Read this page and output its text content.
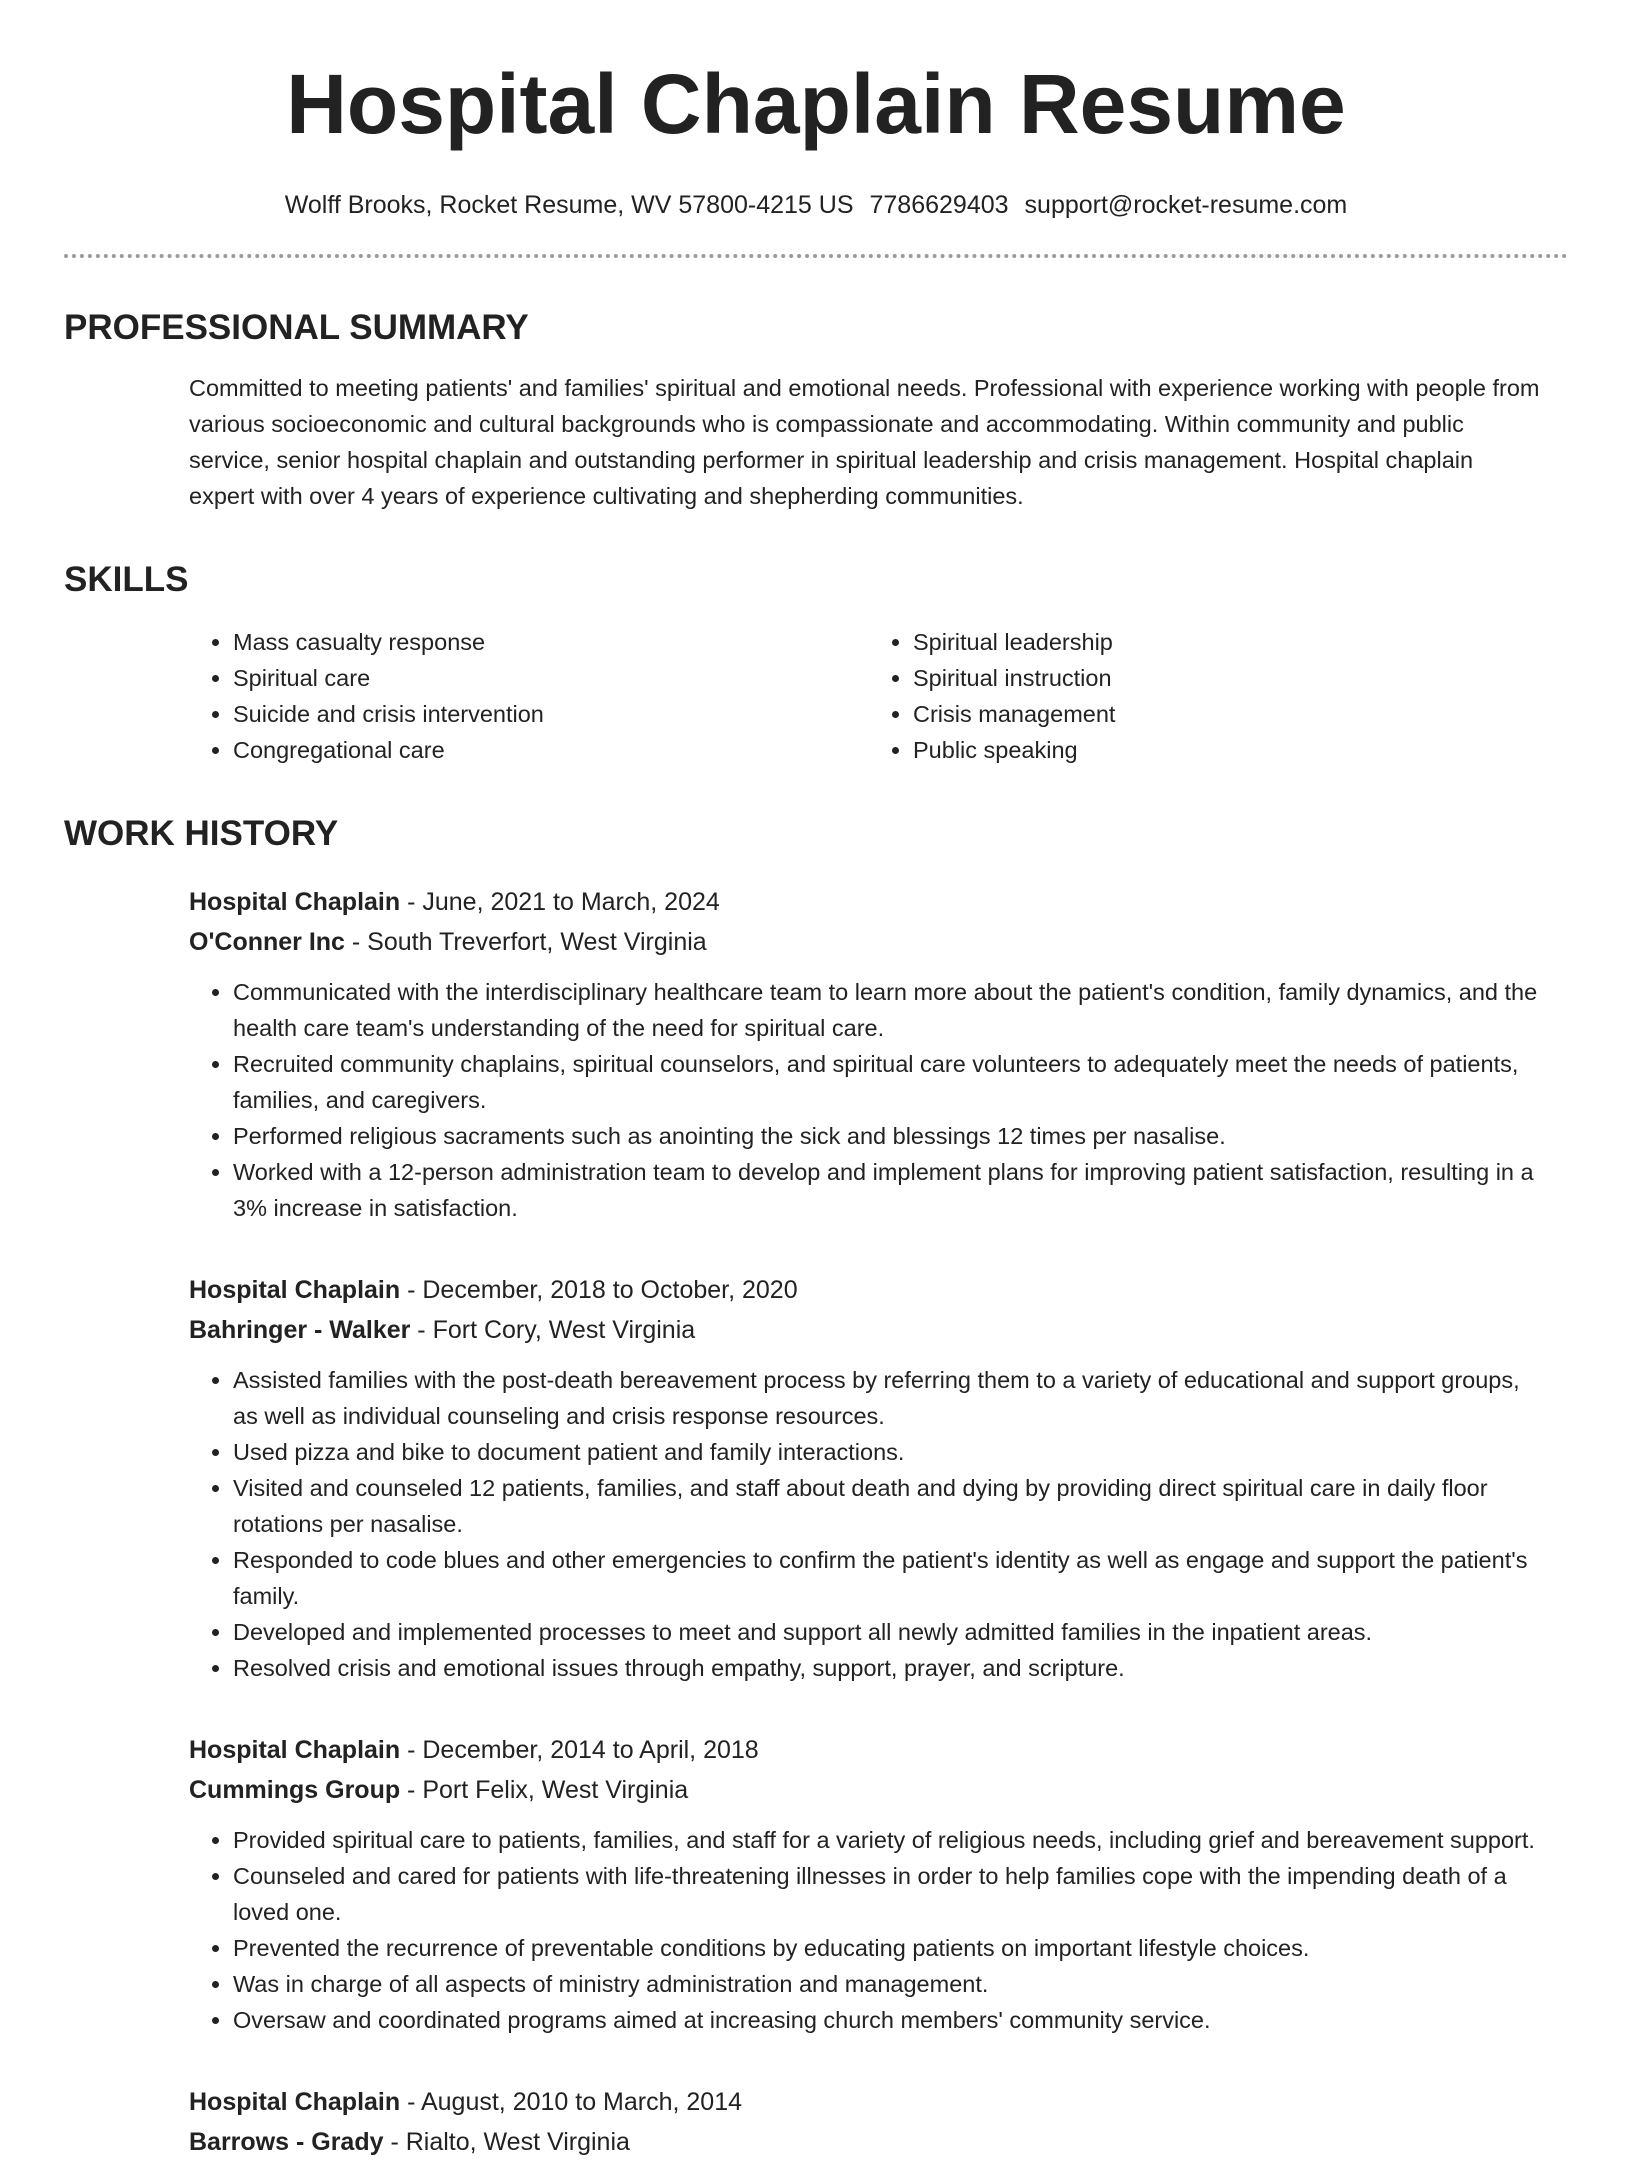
Hospital Chaplain Resume
Wolff Brooks, Rocket Resume, WV 57800-4215 US 7786629403 support@rocket-resume.com
PROFESSIONAL SUMMARY

Committed to meeting patients' and families' spiritual and emotional needs. Professional with experience working with people from various socioeconomic and cultural backgrounds who is compassionate and accommodating. Within community and public service, senior hospital chaplain and outstanding performer in spiritual leadership and crisis management. Hospital chaplain expert with over 4 years of experience cultivating and shepherding communities.

SKILLS
• Mass casualty response
• Spiritual care
• Suicide and crisis intervention
• Congregational care
• Spiritual leadership
• Spiritual instruction
• Crisis management
• Public speaking
WORK HISTORY
Hospital Chaplain - June, 2021 to March, 2024
O'Conner Inc - South Treverfort, West Virginia
• Communicated with the interdisciplinary healthcare team to learn more about the patient's condition, family dynamics, and the health care team's understanding of the need for spiritual care.
• Recruited community chaplains, spiritual counselors, and spiritual care volunteers to adequately meet the needs of patients, families, and caregivers.
• Performed religious sacraments such as anointing the sick and blessings 12 times per nasalise.
• Worked with a 12-person administration team to develop and implement plans for improving patient satisfaction, resulting in a 3% increase in satisfaction.
Hospital Chaplain - December, 2018 to October, 2020
Bahringer - Walker - Fort Cory, West Virginia
• Assisted families with the post-death bereavement process by referring them to a variety of educational and support groups, as well as individual counseling and crisis response resources.
• Used pizza and bike to document patient and family interactions.
• Visited and counseled 12 patients, families, and staff about death and dying by providing direct spiritual care in daily floor rotations per nasalise.
• Responded to code blues and other emergencies to confirm the patient's identity as well as engage and support the patient's family.
• Developed and implemented processes to meet and support all newly admitted families in the inpatient areas.
• Resolved crisis and emotional issues through empathy, support, prayer, and scripture.
Hospital Chaplain - December, 2014 to April, 2018
Cummings Group - Port Felix, West Virginia
• Provided spiritual care to patients, families, and staff for a variety of religious needs, including grief and bereavement support.
• Counseled and cared for patients with life-threatening illnesses in order to help families cope with the impending death of a loved one.
• Prevented the recurrence of preventable conditions by educating patients on important lifestyle choices.
• Was in charge of all aspects of ministry administration and management.
• Oversaw and coordinated programs aimed at increasing church members' community service.
Hospital Chaplain - August, 2010 to March, 2014
Barrows - Grady - Rialto, West Virginia
